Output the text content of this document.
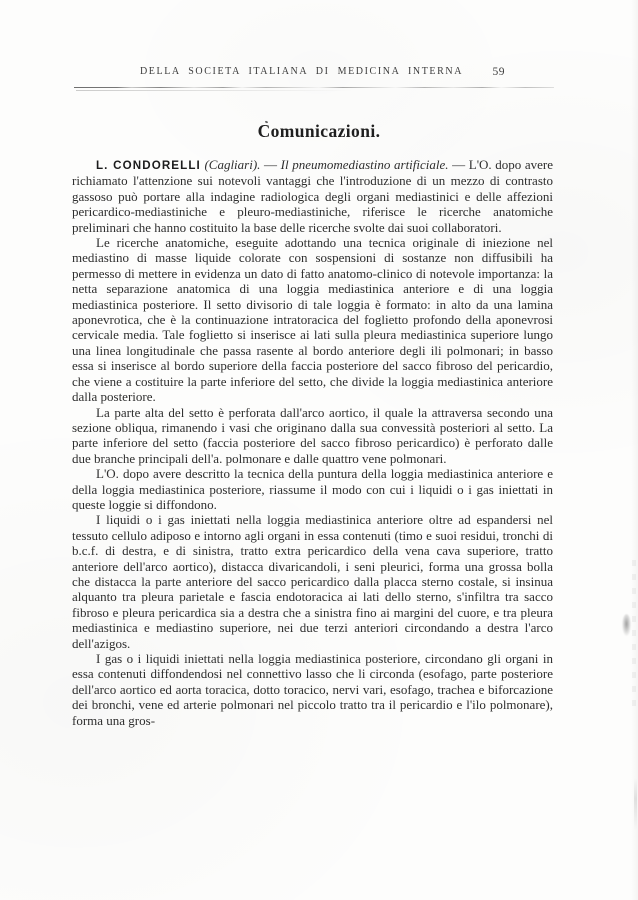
DELLA SOCIETA ITALIANA DI MEDICINA INTERNA	59
Comunicazioni.

L. CONDORELLI (Cagliari). — Il pneumomediastino artificiale. — L'O. dopo avere richiamato l'attenzione sui notevoli vantaggi che l'introduzione di un mezzo di contrasto gassoso può portare alla indagine radiologica degli organi mediastinici e delle affezioni pericardico-mediastiniche e pleuro-mediastiniche, riferisce le ricerche anatomiche preliminari che hanno costituito la base delle ricerche svolte dai suoi collaboratori.

Le ricerche anatomiche, eseguite adottando una tecnica originale di iniezione nel mediastino di masse liquide colorate con sospensioni di sostanze non diffusibili ha permesso di mettere in evidenza un dato di fatto anatomo-clinico di notevole importanza: la netta separazione anatomica di una loggia mediastinica anteriore e di una loggia mediastinica posteriore. Il setto divisorio di tale loggia è formato: in alto da una lamina aponevrotica, che è la continuazione intratoracica del foglietto profondo della aponevrosi cervicale media. Tale foglietto si inserisce ai lati sulla pleura mediastinica superiore lungo una linea longitudinale che passa rasente al bordo anteriore degli ili polmonari; in basso essa si inserisce al bordo superiore della faccia posteriore del sacco fibroso del pericardio, che viene a costituire la parte inferiore del setto, che divide la loggia mediastinica anteriore dalla posteriore.

La parte alta del setto è perforata dall'arco aortico, il quale la attraversa secondo una sezione obliqua, rimanendo i vasi che originano dalla sua convessità posteriori al setto. La parte inferiore del setto (faccia posteriore del sacco fibroso pericardico) è perforato dalle due branche principali dell'a. polmonare e dalle quattro vene polmonari.

L'O. dopo avere descritto la tecnica della puntura della loggia mediastinica anteriore e della loggia mediastinica posteriore, riassume il modo con cui i liquidi o i gas iniettati in queste loggie si diffondono.

I liquidi o i gas iniettati nella loggia mediastinica anteriore oltre ad espandersi nel tessuto cellulo adiposo e intorno agli organi in essa contenuti (timo e suoi residui, tronchi di b.c.f. di destra, e di sinistra, tratto extra pericardico della vena cava superiore, tratto anteriore dell'arco aortico), distacca divaricandoli, i seni pleurici, forma una grossa bolla che distacca la parte anteriore del sacco pericardico dalla placca sterno costale, si insinua alquanto tra pleura parietale e fascia endotoracica ai lati dello sterno, s'infiltra tra sacco fibroso e pleura pericardica sia a destra che a sinistra fino ai margini del cuore, e tra pleura mediastinica e mediastino superiore, nei due terzi anteriori circondando a destra l'arco dell'azigos.

I gas o i liquidi iniettati nella loggia mediastinica posteriore, circondano gli organi in essa contenuti diffondendosi nel connettivo lasso che li circonda (esofago, parte posteriore dell'arco aortico ed aorta toracica, dotto toracico, nervi vari, esofago, trachea e biforcazione dei bronchi, vene ed arterie polmonari nel piccolo tratto tra il pericardio e l'ilo polmonare), forma una gros-
